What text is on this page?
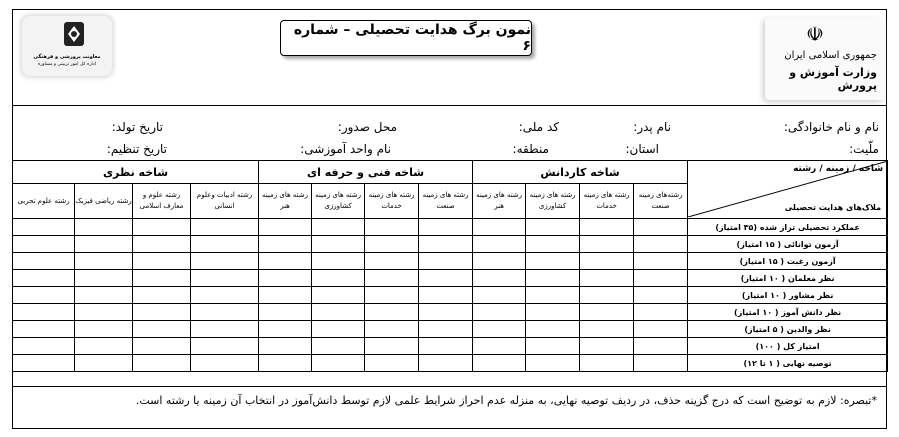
معاونت پرورشی و فرهنگی
اداره کل امور تربیتی و مشاوره
نمون برگ هدایت تحصیلی – شماره ۶	☫
جمهوری اسلامی ایران
وزارت آموزش و پرورش
نام و نام خانوادگی:
نام پدر:
کد ملی:
محل صدور:
تاریخ تولد:
ملّیت:
استان:
منطقه:
نام واحد آموزشی:
تاریخ تنظیم:
شاخه / زمینه / رشته
ملاک‌های هدایت تحصیلی	شاخه کاردانش				شاخه فنی و حرفه ای				شاخه نظری			
	رشته‌های زمینه صنعت	رشته های زمینه خدمات	رشته های زمینه کشاورزی	رشته های زمینه هنر	رشته های زمینه صنعت	رشته های زمینه خدمات	رشته های زمینه کشاورزی	رشته های زمینه هنر	رشته ادبیات وعلوم انسانی	رشته علوم و معارف اسلامی	رشته ریاضی فیزیک	رشته علوم تجربی
عملکرد تحصیلی تراز شده (۳۵ امتیاز)												
آزمون توانائی ( ۱۵ امتیاز)												
آزمون رغبت ( ۱۵ امتیاز)												
نظر معلمان ( ۱۰ امتیاز)												
نظر مشاور ( ۱۰ امتیاز)												
نظر دانش آموز ( ۱۰ امتیاز)												
نظر والدین ( ۵ امتیاز)												
امتیاز کل ( ۱۰۰)												
توصیه نهایی ( ۱ تا ۱۲)												
*تبصره: لازم به توضیح است که درج گزینه حذف، در ردیف توصیه نهایی، به منزله عدم احراز شرایط علمی لازم توسط دانش‌آموز در انتخاب آن زمینه یا رشته است.
